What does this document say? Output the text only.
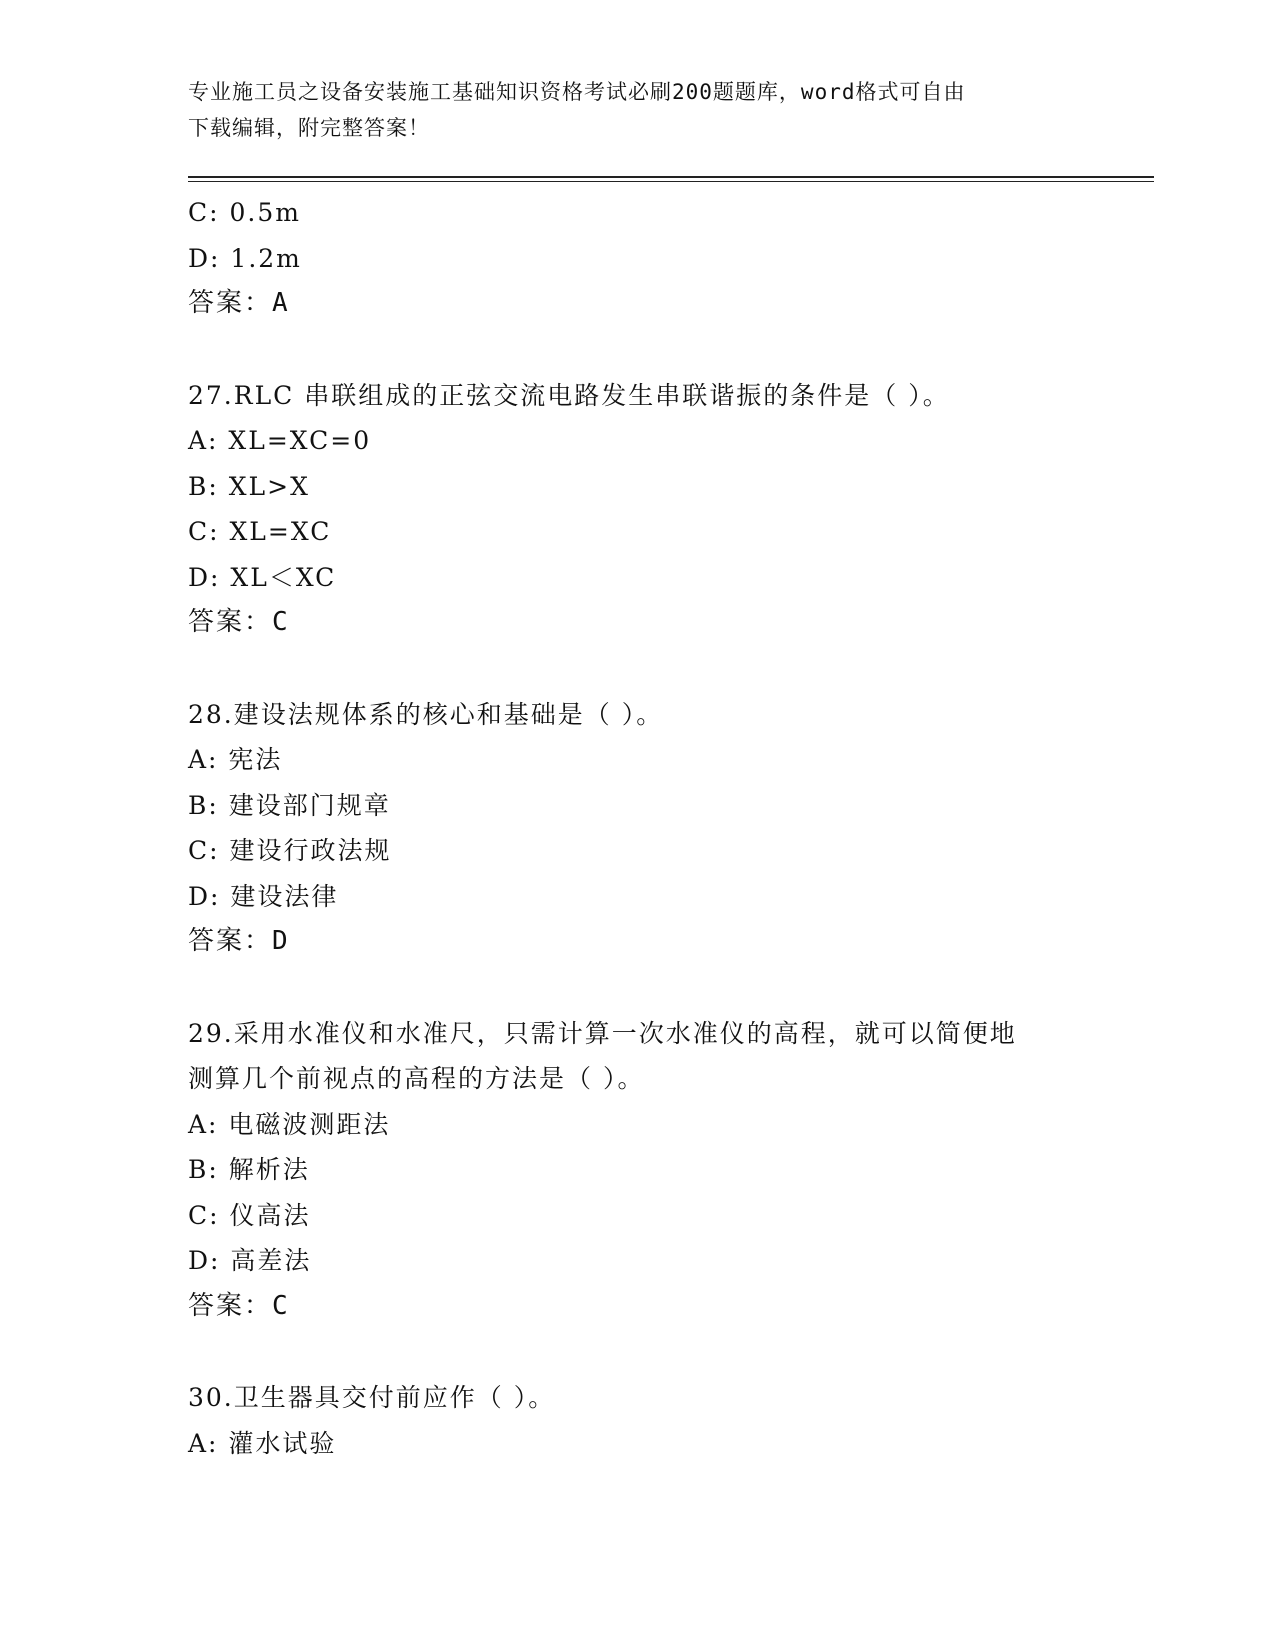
专业施工员之设备安装施工基础知识资格考试必刷200题题库，word格式可自由
下载编辑，附完整答案！
C: 0.5m
D: 1.2m
答案：A
27.RLC 串联组成的正弦交流电路发生串联谐振的条件是（ ）。
A: XL=XC=0
B: XL>X
C: XL=XC
D: XL＜XC
答案：C
28.建设法规体系的核心和基础是（ ）。
A: 宪法
B: 建设部门规章
C: 建设行政法规
D: 建设法律
答案：D
29.采用水准仪和水准尺，只需计算一次水准仪的高程，就可以简便地
测算几个前视点的高程的方法是（ ）。
A: 电磁波测距法
B: 解析法
C: 仪高法
D: 高差法
答案：C
30.卫生器具交付前应作（ ）。
A: 灌水试验
